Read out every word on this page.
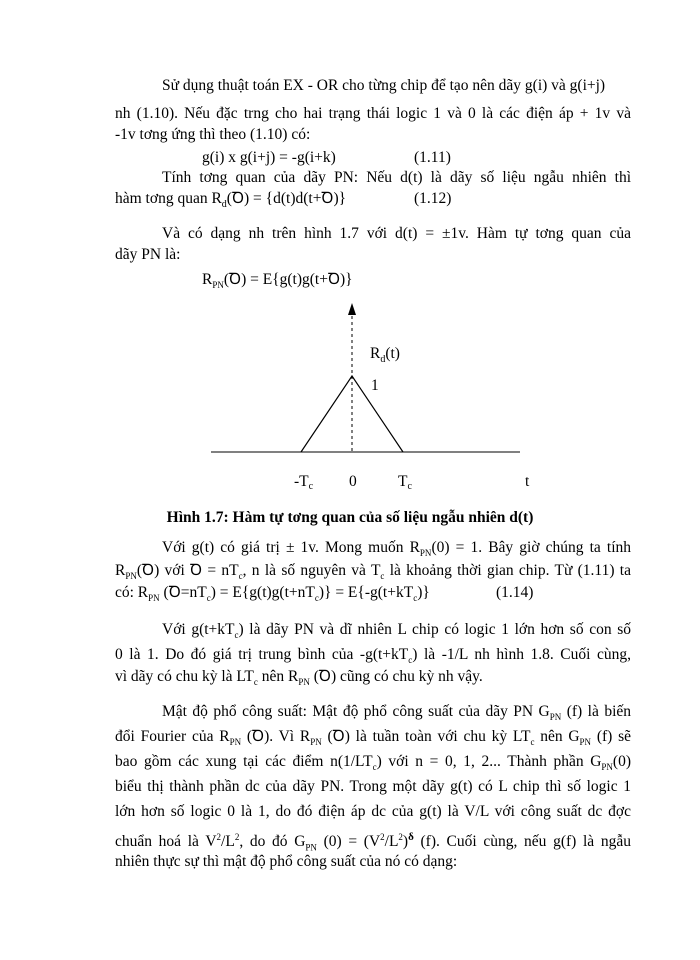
Sử dụng thuật toán EX - OR cho từng chip để tạo nên dãy g(i) và g(i+j)
nh (1.10). Nếu đặc trng cho hai trạng thái logic 1 và 0 là các điện áp + 1v và
-1v tơng ứng thì theo (1.10) có:
g(i) x g(i+j) = -g(i+k)	(1.11)
Tính tơng quan của dãy PN: Nếu d(t) là dãy số liệu ngẫu nhiên thì
hàm tơng quan $R_d(Ꝺ)$ = {d(t)d(t+Ꝺ)}	(1.12)
Và có dạng nh trên hình 1.7 với d(t) = ±1v. Hàm tự tơng quan của
dãy PN là:
$R_{PN}(Ꝺ)$ = E{g(t)g(t+Ꝺ)}
$R_d(t)$
1
t
-Tc 0	Tc
Hình 1.7: Hàm tự tơng quan của số liệu ngẫu nhiên d(t)
Với g(t) có giá trị ± 1v. Mong muốn $R_{PN}(0) = 1$. Bây giờ chúng ta tính
$R_{PN}(Ꝺ)$ với Ꝺ = $nT_c$, n là số nguyên và $T_c$ là khoảng thời gian chip. Từ (1.11) ta
có: $R_{PN}$ $(Ꝺ=nT_c) = E\{g(t)g(t+nT_c)\} = E\{-g(t+kT_c)\}$	(1.14)
Với $g(t+kT_c)$ là dãy PN và dĩ nhiên L chip có logic 1 lớn hơn số con số
0 là 1. Do đó giá trị trung bình của $-g(t+kT_c)$ là -1/L nh hình 1.8. Cuối cùng,
vì dãy có chu kỳ là $LT_c$ nên $R_{PN}$ (Ꝺ) cũng có chu kỳ nh vậy.
Mật độ phổ công suất: Mật độ phổ công suất của dãy PN $G_{PN}$ (f) là biến
đổi Fourier của $R_{PN}$ (Ꝺ). Vì $R_{PN}$ (Ꝺ) là tuần toàn với chu kỳ $LT_c$ nên $G_{PN}$ (f) sẽ
bao gồm các xung tại các điểm $n(1/LT_c)$ với n = 0, 1, 2... Thành phần $G_{PN}(0)$
biểu thị thành phần dc của dãy PN. Trong một dãy g(t) có L chip thì số logic 1
lớn hơn số logic 0 là 1, do đó điện áp dc của g(t) là V/L với công suất dc đợc
chuẩn hoá là $V^2/L^2$, do đó $G_{PN}$ $(0) = (V^2/L^2)^\delta$ (f). Cuối cùng, nếu g(f) là ngẫu
nhiên thực sự thì mật độ phổ công suất của nó có dạng:
